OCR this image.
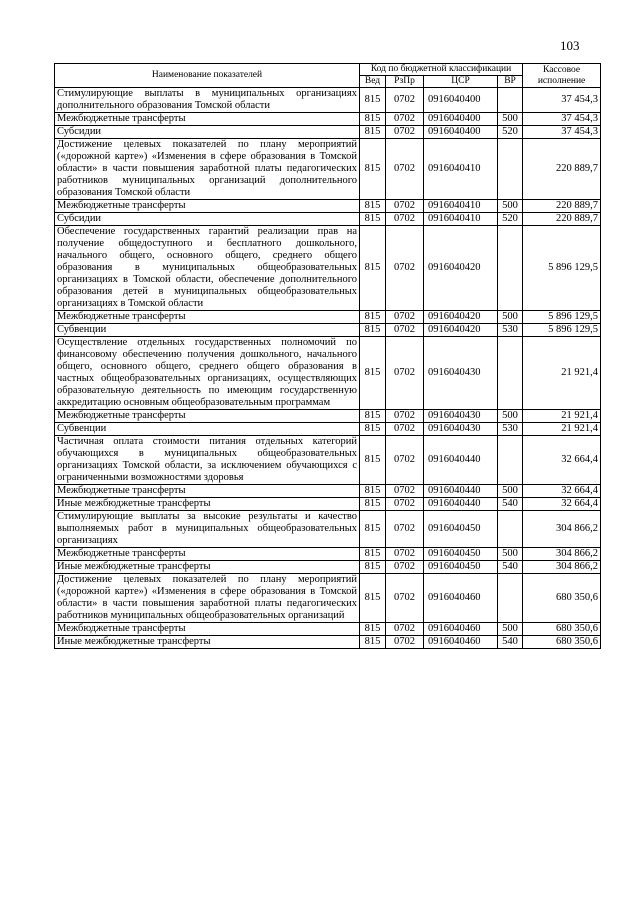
103
Наименование показателей	Код по бюджетной классификации				Кассовое исполнение
	Вед	РзПр	ЦСР	ВР	
Стимулирующие выплаты в муниципальных организациях дополнительного образования Томской области	815	0702	0916040400		37 454,3
Межбюджетные трансферты	815	0702	0916040400	500	37 454,3
Субсидии	815	0702	0916040400	520	37 454,3
Достижение целевых показателей по плану мероприятий («дорожной карте») «Изменения в сфере образования в Томской области» в части повышения заработной платы педагогических работников муниципальных организаций дополнительного образования Томской области	815	0702	0916040410		220 889,7
Межбюджетные трансферты	815	0702	0916040410	500	220 889,7
Субсидии	815	0702	0916040410	520	220 889,7
Обеспечение государственных гарантий реализации прав на получение общедоступного и бесплатного дошкольного, начального общего, основного общего, среднего общего образования в муниципальных общеобразовательных организациях в Томской области, обеспечение дополнительного образования детей в муниципальных общеобразовательных организациях в Томской области	815	0702	0916040420		5 896 129,5
Межбюджетные трансферты	815	0702	0916040420	500	5 896 129,5
Субвенции	815	0702	0916040420	530	5 896 129,5
Осуществление отдельных государственных полномочий по финансовому обеспечению получения дошкольного, начального общего, основного общего, среднего общего образования в частных общеобразовательных организациях, осуществляющих образовательную деятельность по имеющим государственную аккредитацию основным общеобразовательным программам	815	0702	0916040430		21 921,4
Межбюджетные трансферты	815	0702	0916040430	500	21 921,4
Субвенции	815	0702	0916040430	530	21 921,4
Частичная оплата стоимости питания отдельных категорий обучающихся в муниципальных общеобразовательных организациях Томской области, за исключением обучающихся с ограниченными возможностями здоровья	815	0702	0916040440		32 664,4
Межбюджетные трансферты	815	0702	0916040440	500	32 664,4
Иные межбюджетные трансферты	815	0702	0916040440	540	32 664,4
Стимулирующие выплаты за высокие результаты и качество выполняемых работ в муниципальных общеобразовательных организациях	815	0702	0916040450		304 866,2
Межбюджетные трансферты	815	0702	0916040450	500	304 866,2
Иные межбюджетные трансферты	815	0702	0916040450	540	304 866,2
Достижение целевых показателей по плану мероприятий («дорожной карте») «Изменения в сфере образования в Томской области» в части повышения заработной платы педагогических работников муниципальных общеобразовательных организаций	815	0702	0916040460		680 350,6
Межбюджетные трансферты	815	0702	0916040460	500	680 350,6
Иные межбюджетные трансферты	815	0702	0916040460	540	680 350,6
